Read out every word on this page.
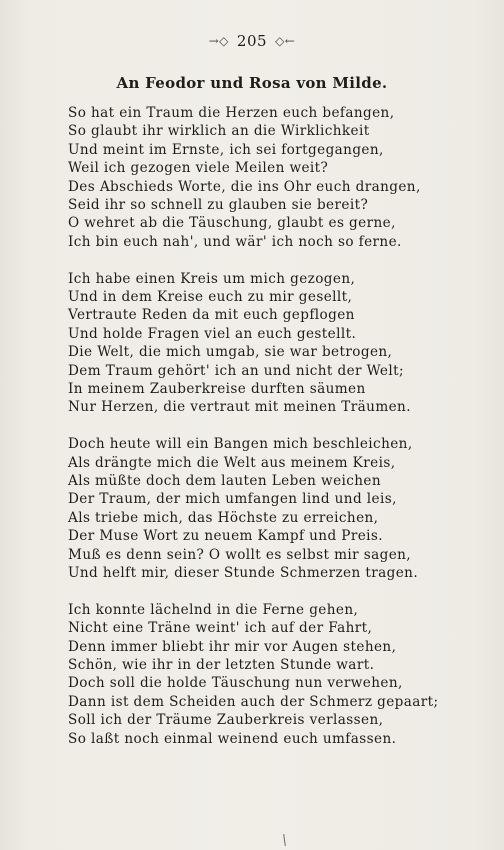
→◇ 205 ◇←
An Feodor und Rosa von Milde.
So hat ein Traum die Herzen euch befangen,
So glaubt ihr wirklich an die Wirklichkeit
Und meint im Ernste, ich sei fortgegangen,
Weil ich gezogen viele Meilen weit?
Des Abschieds Worte, die ins Ohr euch drangen,
Seid ihr so schnell zu glauben sie bereit?
O wehret ab die Täuschung, glaubt es gerne,
Ich bin euch nah', und wär' ich noch so ferne.
Ich habe einen Kreis um mich gezogen,
Und in dem Kreise euch zu mir gesellt,
Vertraute Reden da mit euch gepflogen
Und holde Fragen viel an euch gestellt.
Die Welt, die mich umgab, sie war betrogen,
Dem Traum gehört' ich an und nicht der Welt;
In meinem Zauberkreise durften säumen
Nur Herzen, die vertraut mit meinen Träumen.
Doch heute will ein Bangen mich beschleichen,
Als drängte mich die Welt aus meinem Kreis,
Als müßte doch dem lauten Leben weichen
Der Traum, der mich umfangen lind und leis,
Als triebe mich, das Höchste zu erreichen,
Der Muse Wort zu neuem Kampf und Preis.
Muß es denn sein? O wollt es selbst mir sagen,
Und helft mir, dieser Stunde Schmerzen tragen.
Ich konnte lächelnd in die Ferne gehen,
Nicht eine Träne weint' ich auf der Fahrt,
Denn immer bliebt ihr mir vor Augen stehen,
Schön, wie ihr in der letzten Stunde wart.
Doch soll die holde Täuschung nun verwehen,
Dann ist dem Scheiden auch der Schmerz gepaart;
Soll ich der Träume Zauberkreis verlassen,
So laßt noch einmal weinend euch umfassen.
